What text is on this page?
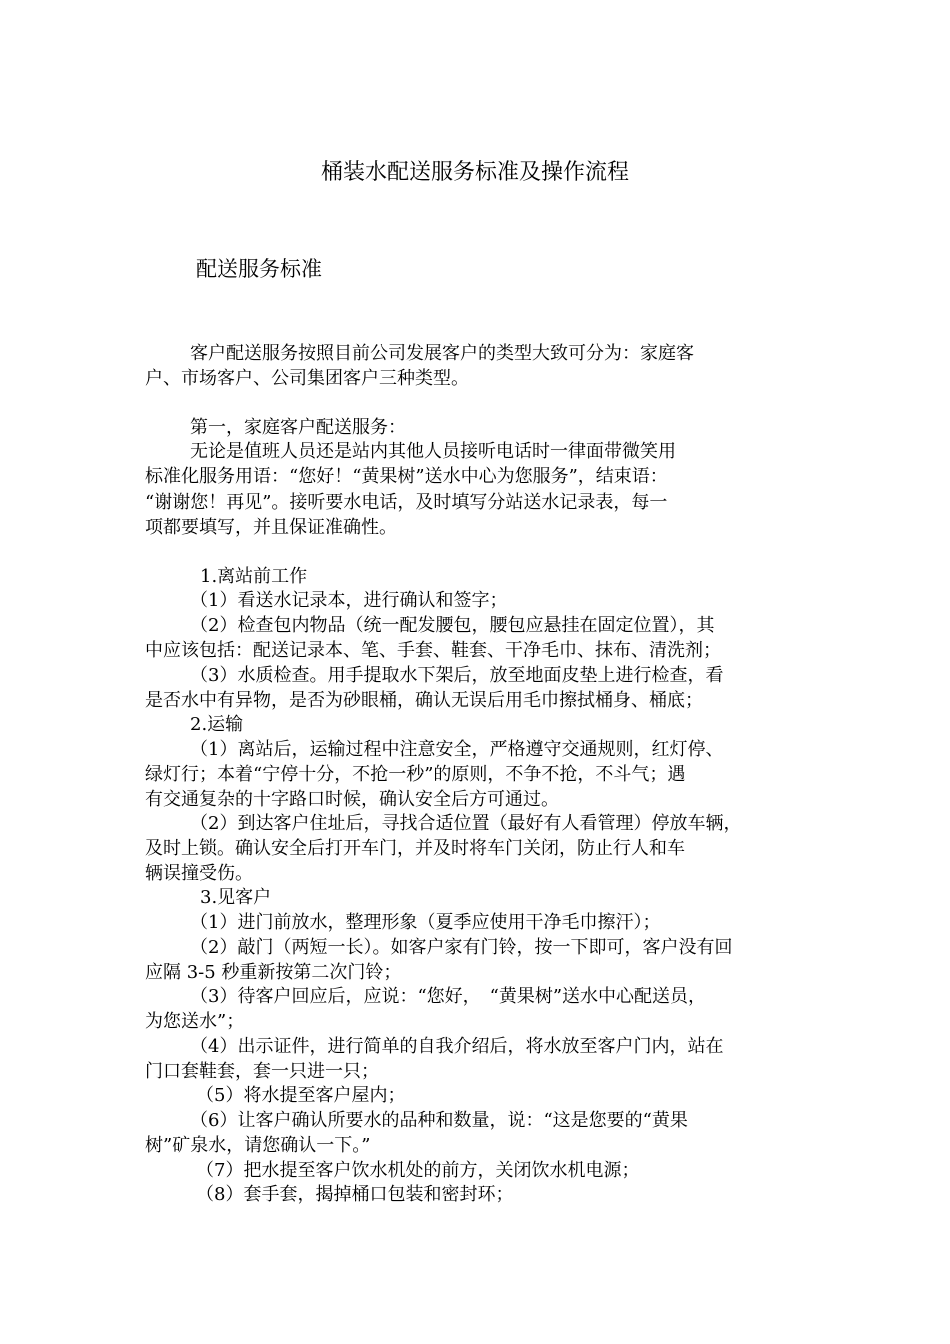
桶装水配送服务标准及操作流程
配送服务标准
客户配送服务按照目前公司发展客户的类型大致可分为：家庭客
户、市场客户、公司集团客户三种类型。
第一，家庭客户配送服务：
无论是值班人员还是站内其他人员接听电话时一律面带微笑用
标准化服务用语：“您好！“黄果树”送水中心为您服务”，结束语：
“谢谢您！再见”。接听要水电话，及时填写分站送水记录表，每一
项都要填写，并且保证准确性。
1.离站前工作
（1）看送水记录本，进行确认和签字；
（2）检查包内物品（统一配发腰包，腰包应悬挂在固定位置），其
中应该包括：配送记录本、笔、手套、鞋套、干净毛巾、抹布、清洗剂；
（3）水质检查。用手提取水下架后，放至地面皮垫上进行检查，看
是否水中有异物，是否为砂眼桶，确认无误后用毛巾擦拭桶身、桶底；
2.运输
（1）离站后，运输过程中注意安全，严格遵守交通规则，红灯停、
绿灯行；本着“宁停十分，不抢一秒”的原则，不争不抢，不斗气；遇
有交通复杂的十字路口时候，确认安全后方可通过。
（2）到达客户住址后，寻找合适位置（最好有人看管理）停放车辆，
及时上锁。确认安全后打开车门，并及时将车门关闭，防止行人和车
辆误撞受伤。
3.见客户
（1）进门前放水，整理形象（夏季应使用干净毛巾擦汗）；
（2）敲门（两短一长）。如客户家有门铃，按一下即可，客户没有回
应隔 3-5 秒重新按第二次门铃；
（3）待客户回应后，应说：“您好，　“黄果树”送水中心配送员，
为您送水”；
（4）出示证件，进行简单的自我介绍后，将水放至客户门内，站在
门口套鞋套，套一只进一只；
（5）将水提至客户屋内；
（6）让客户确认所要水的品种和数量，说：“这是您要的“黄果
树”矿泉水，请您确认一下。”
（7）把水提至客户饮水机处的前方，关闭饮水机电源；
（8）套手套，揭掉桶口包装和密封环；
